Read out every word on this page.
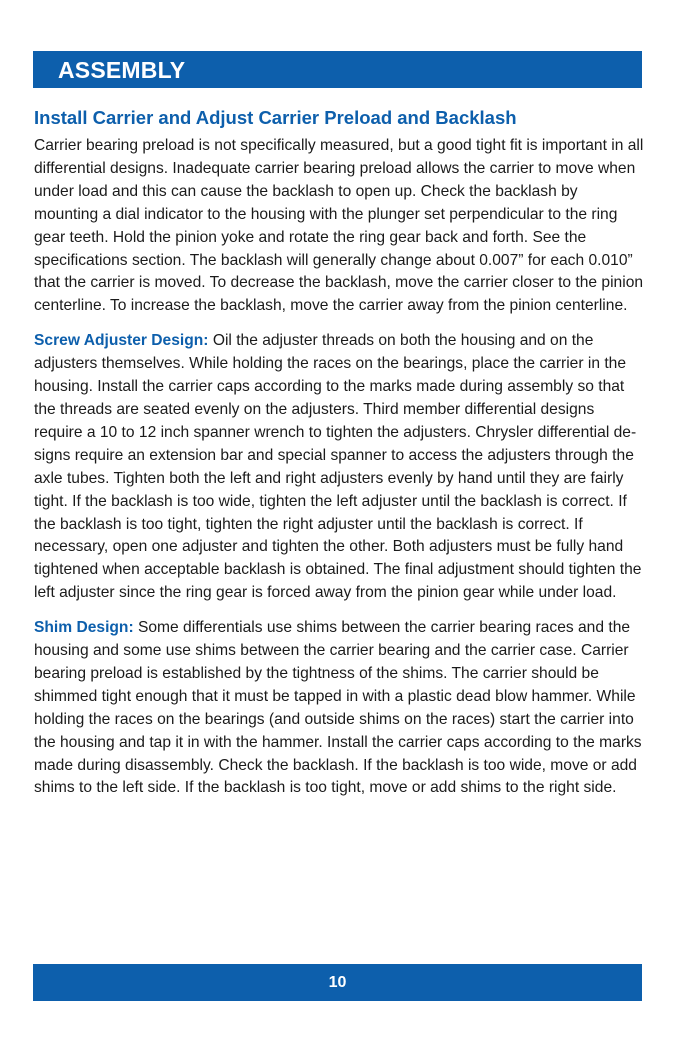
ASSEMBLY
Install Carrier and Adjust Carrier Preload and Backlash

Carrier bearing preload is not specifically measured, but a good tight fit is important in all differential designs. Inadequate carrier bearing preload allows the carrier to move when under load and this can cause the backlash to open up. Check the backlash by mounting a dial indicator to the housing with the plunger set perpendicular to the ring gear teeth. Hold the pinion yoke and rotate the ring gear back and forth. See the specifications section. The backlash will generally change about 0.007” for each 0.010” that the carrier is moved. To decrease the backlash, move the carrier closer to the pinion centerline. To increase the backlash, move the carrier away from the pinion centerline.

Screw Adjuster Design: Oil the adjuster threads on both the housing and on the adjusters themselves. While holding the races on the bearings, place the carrier in the housing. Install the carrier caps according to the marks made during assembly so that the threads are seated evenly on the adjusters. Third member differential designs require a 10 to 12 inch spanner wrench to tighten the adjusters. Chrysler differential de- signs require an extension bar and special spanner to access the adjusters through the axle tubes. Tighten both the left and right adjusters evenly by hand until they are fairly tight. If the backlash is too wide, tighten the left adjuster until the backlash is correct. If the backlash is too tight, tighten the right adjuster until the backlash is correct. If necessary, open one adjuster and tighten the other. Both adjusters must be fully hand tightened when acceptable backlash is obtained. The final adjustment should tighten the left adjuster since the ring gear is forced away from the pinion gear while under load.

Shim Design: Some differentials use shims between the carrier bearing races and the housing and some use shims between the carrier bearing and the carrier case. Carrier bearing preload is established by the tightness of the shims. The carrier should be shimmed tight enough that it must be tapped in with a plastic dead blow hammer. While holding the races on the bearings (and outside shims on the races) start the carrier into the housing and tap it in with the hammer. Install the carrier caps according to the marks made during disassembly. Check the backlash. If the backlash is too wide, move or add shims to the left side. If the backlash is too tight, move or add shims to the right side.

10
